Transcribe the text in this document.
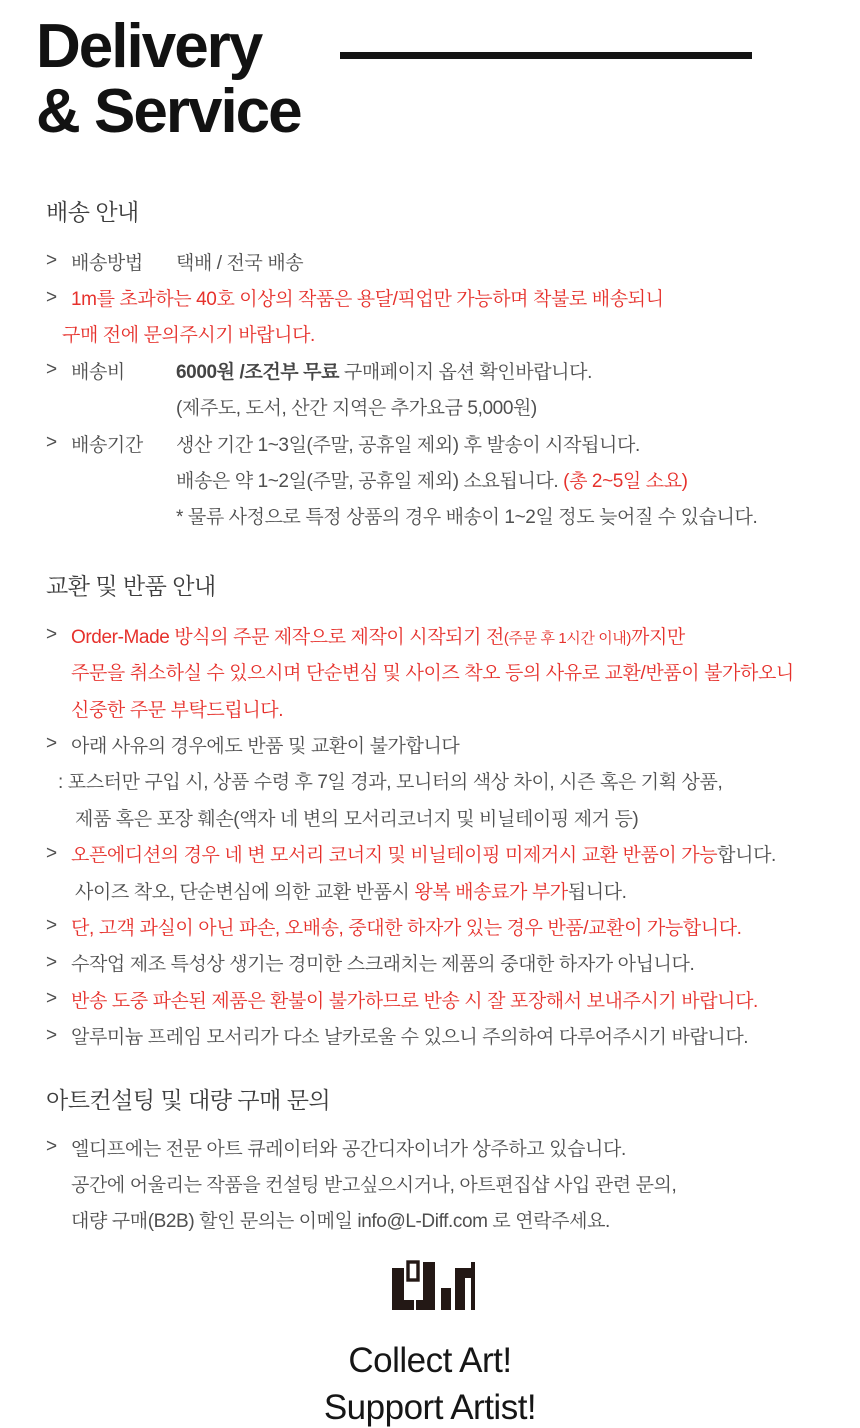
Delivery
& Service
배송 안내
> 배송방법	택배 / 전국 배송
> 1m를 초과하는 40호 이상의 작품은 용달/픽업만 가능하며 착불로 배송되니
구매 전에 문의주시기 바랍니다.
> 배송비	6000원 /조건부 무료 구매페이지 옵션 확인바랍니다.
(제주도, 도서, 산간 지역은 추가요금 5,000원)
> 배송기간	생산 기간 1~3일(주말, 공휴일 제외) 후 발송이 시작됩니다.
배송은 약 1~2일(주말, 공휴일 제외) 소요됩니다. (총 2~5일 소요)
* 물류 사정으로 특정 상품의 경우 배송이 1~2일 정도 늦어질 수 있습니다.
교환 및 반품 안내
> Order-Made 방식의 주문 제작으로 제작이 시작되기 전(주문 후 1시간 이내)까지만
주문을 취소하실 수 있으시며 단순변심 및 사이즈 착오 등의 사유로 교환/반품이 불가하오니
신중한 주문 부탁드립니다.
> 아래 사유의 경우에도 반품 및 교환이 불가합니다
: 포스터만 구입 시, 상품 수령 후 7일 경과, 모니터의 색상 차이, 시즌 혹은 기획 상품,
제품 혹은 포장 훼손(액자 네 변의 모서리코너지 및 비닐테이핑 제거 등)
> 오픈에디션의 경우 네 변 모서리 코너지 및 비닐테이핑 미제거시 교환 반품이 가능합니다.
사이즈 착오, 단순변심에 의한 교환 반품시 왕복 배송료가 부가됩니다.
> 단, 고객 과실이 아닌 파손, 오배송, 중대한 하자가 있는 경우 반품/교환이 가능합니다.
> 수작업 제조 특성상 생기는 경미한 스크래치는 제품의 중대한 하자가 아닙니다.
> 반송 도중 파손된 제품은 환불이 불가하므로 반송 시 잘 포장해서 보내주시기 바랍니다.
> 알루미늄 프레임 모서리가 다소 날카로울 수 있으니 주의하여 다루어주시기 바랍니다.
아트컨설팅 및 대량 구매 문의
> 엘디프에는 전문 아트 큐레이터와 공간디자이너가 상주하고 있습니다.
공간에 어울리는 작품을 컨설팅 받고싶으시거나, 아트편집샵 사입 관련 문의,
대량 구매(B2B) 할인 문의는 이메일 info@L-Diff.com 로 연락주세요.
Collect Art!
Support Artist!
